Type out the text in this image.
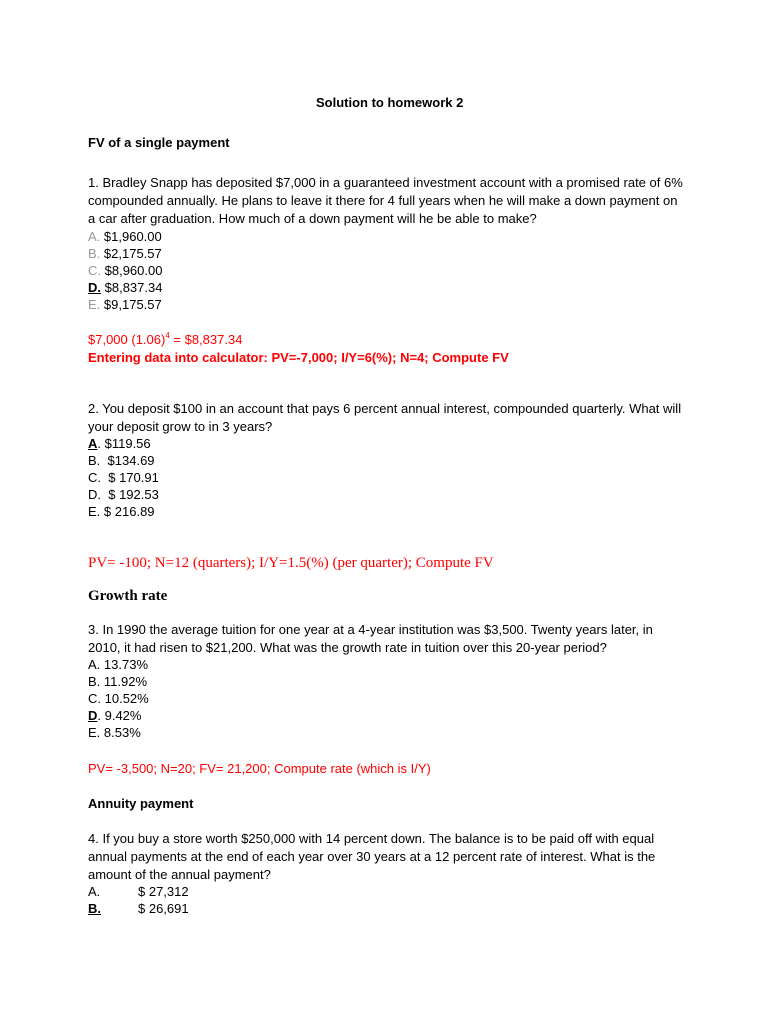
Solution to homework 2
FV of a single payment
1. Bradley Snapp has deposited $7,000 in a guaranteed investment account with a promised rate of 6%
compounded annually. He plans to leave it there for 4 full years when he will make a down payment on
a car after graduation. How much of a down payment will he be able to make?
A. $1,960.00
B. $2,175.57
C. $8,960.00
D. $8,837.34
E. $9,175.57
$7,000 $(1.06)^4$ = $8,837.34
Entering data into calculator: PV=-7,000; I/Y=6(%); N=4; Compute FV
2. You deposit $100 in an account that pays 6 percent annual interest, compounded quarterly. What will
your deposit grow to in 3 years?
A. $119.56
B. $134.69
C. $ 170.91
D. $ 192.53
E. $ 216.89
PV= -100; N=12 (quarters); I/Y=1.5(%) (per quarter); Compute FV
Growth rate
3. In 1990 the average tuition for one year at a 4-year institution was $3,500. Twenty years later, in
2010, it had risen to $21,200. What was the growth rate in tuition over this 20-year period?
A. 13.73%
B. 11.92%
C. 10.52%
D. 9.42%
E. 8.53%
PV= -3,500; N=20; FV= 21,200; Compute rate (which is I/Y)
Annuity payment
4. If you buy a store worth $250,000 with 14 percent down. The balance is to be paid off with equal
annual payments at the end of each year over 30 years at a 12 percent rate of interest. What is the
amount of the annual payment?
A.	$ 27,312
B.	$ 26,691
